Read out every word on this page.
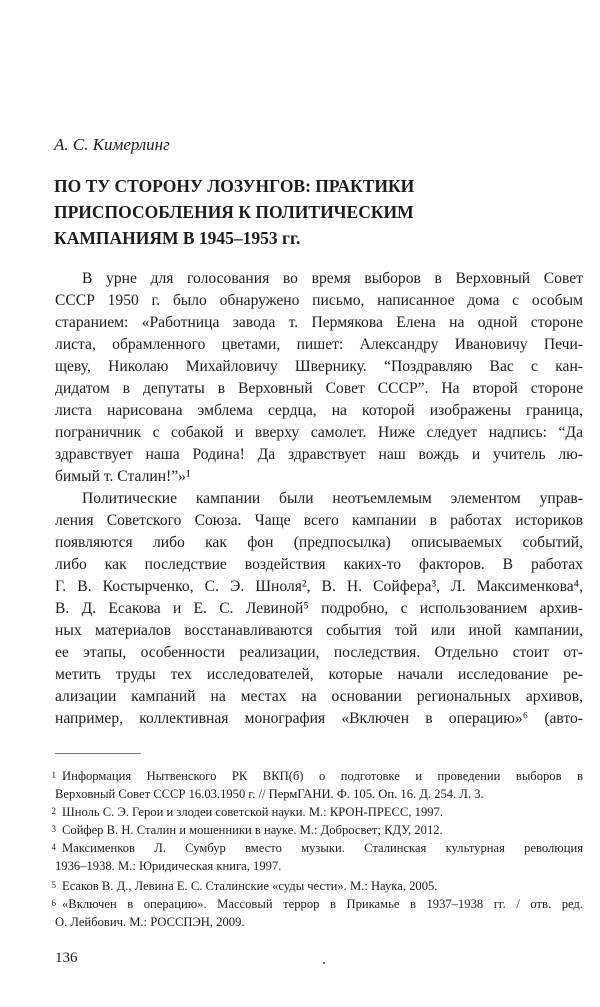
А. С. Кимерлинг
ПО ТУ СТОРОНУ ЛОЗУНГОВ: ПРАКТИКИ
ПРИСПОСОБЛЕНИЯ К ПОЛИТИЧЕСКИМ
КАМПАНИЯМ В 1945–1953 гг.
В урне для голосования во время выборов в Верховный Совет
СССР 1950 г. было обнаружено письмо, написанное дома с особым
старанием: «Работница завода т. Пермякова Елена на одной стороне
листа, обрамленного цветами, пишет: Александру Ивановичу Печи-
щеву, Николаю Михайловичу Швернику. “Поздравляю Вас с кан-
дидатом в депутаты в Верховный Совет СССР”. На второй стороне
листа нарисована эмблема сердца, на которой изображены граница,
пограничник с собакой и вверху самолет. Ниже следует надпись: “Да
здравствует наша Родина! Да здравствует наш вождь и учитель лю-
бимый т. Сталин!”»¹
Политические кампании были неотъемлемым элементом управ-
ления Советского Союза. Чаще всего кампании в работах историков
появляются либо как фон (предпосылка) описываемых событий,
либо как последствие воздействия каких-то факторов. В работах
Г. В. Костырченко, С. Э. Шноля², В. Н. Сойфера³, Л. Максименкова⁴,
В. Д. Есакова и Е. С. Левиной⁵ подробно, с использованием архив-
ных материалов восстанавливаются события той или иной кампании,
ее этапы, особенности реализации, последствия. Отдельно стоит от-
метить труды тех исследователей, которые начали исследование ре-
ализации кампаний на местах на основании региональных архивов,
например, коллективная монография «Включен в операцию»⁶ (авто-
1 Информация Нытвенского РК ВКП(б) о подготовке и проведении выборов в
Верховный Совет СССР 16.03.1950 г. // ПермГАНИ. Ф. 105. Оп. 16. Д. 254. Л. 3.
2 Шноль С. Э. Герои и злодеи советской науки. М.: КРОН-ПРЕСС, 1997.
3 Сойфер В. Н. Сталин и мошенники в науке. М.: Добросвет; КДУ, 2012.
4 Максименков Л. Сумбур вместо музыки. Сталинская культурная революция
1936–1938. М.: Юридическая книга, 1997.
5 Есаков В. Д., Левина Е. С. Сталинские «суды чести». М.: Наука, 2005.
6 «Включен в операцию». Массовый террор в Прикамье в 1937–1938 гг. / отв. ред.
О. Лейбович. М.: РОССПЭН, 2009.
136
